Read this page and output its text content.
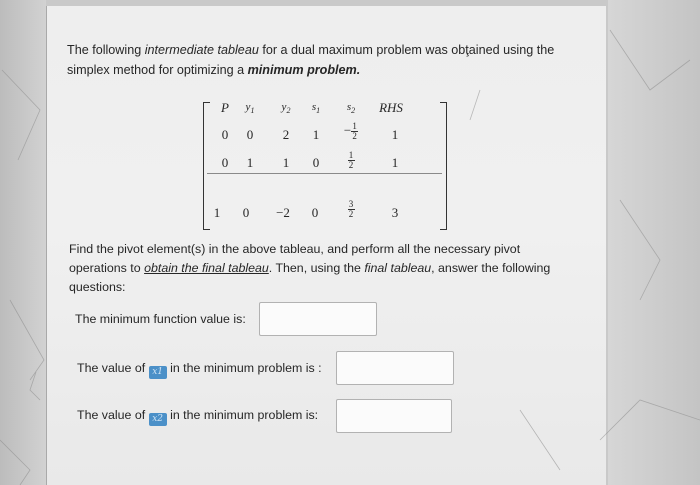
The following intermediate tableau for a dual maximum problem was obţained using the simplex method for optimizing a minimum problem.
P	$y_1$	$y_2$	$s_1$	$s_2$	RHS
0	0	2	1	− $\frac{1}{2}$	1
0	1	1	0	$\frac{1}{2}$	1
1	0	−2	0	$\frac{3}{2}$	3
Find the pivot element(s) in the above tableau, and perform all the necessary pivot operations to obtain the final tableau. Then, using the final tableau, answer the following questions:
The minimum function value is:
The value of x1 in the minimum problem is :
The value of x2 in the minimum problem is:
